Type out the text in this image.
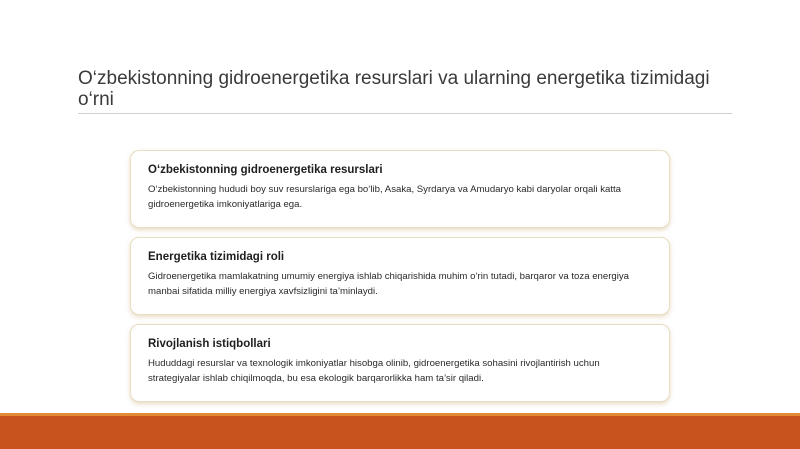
O‘zbekistonning gidroenergetika resurslari va ularning energetika tizimidagi o‘rni
O‘zbekistonning gidroenergetika resurslari

O‘zbekistonning hududi boy suv resurslariga ega bo‘lib, Asaka, Syrdarya va Amudaryo kabi daryolar orqali katta gidroenergetika imkoniyatlariga ega.

Energetika tizimidagi roli

Gidroenergetika mamlakatning umumiy energiya ishlab chiqarishida muhim o‘rin tutadi, barqaror va toza energiya manbai sifatida milliy energiya xavfsizligini ta’minlaydi.

Rivojlanish istiqbollari

Hududdagi resurslar va texnologik imkoniyatlar hisobga olinib, gidroenergetika sohasini rivojlantirish uchun strategiyalar ishlab chiqilmoqda, bu esa ekologik barqarorlikka ham ta’sir qiladi.
